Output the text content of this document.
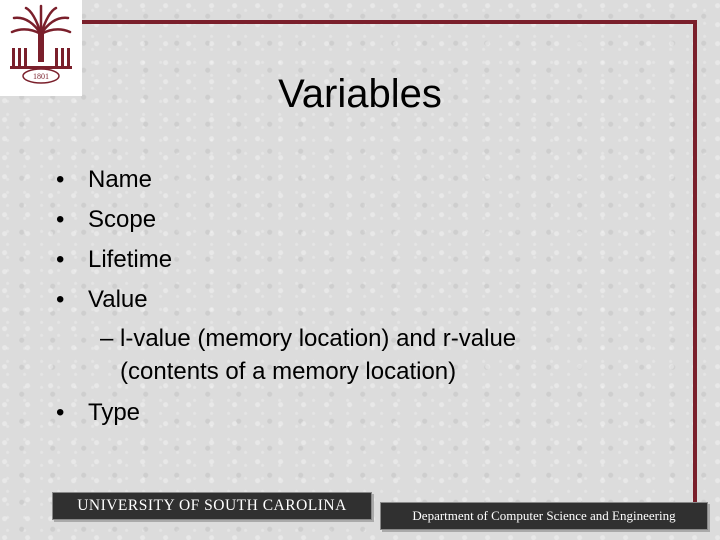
1801	Variables
• Name
• Scope
• Lifetime
• Value
– l-value (memory location) and r-value
(contents of a memory location)
• Type
UNIVERSITY OF SOUTH CAROLINA
Department of Computer Science and Engineering
